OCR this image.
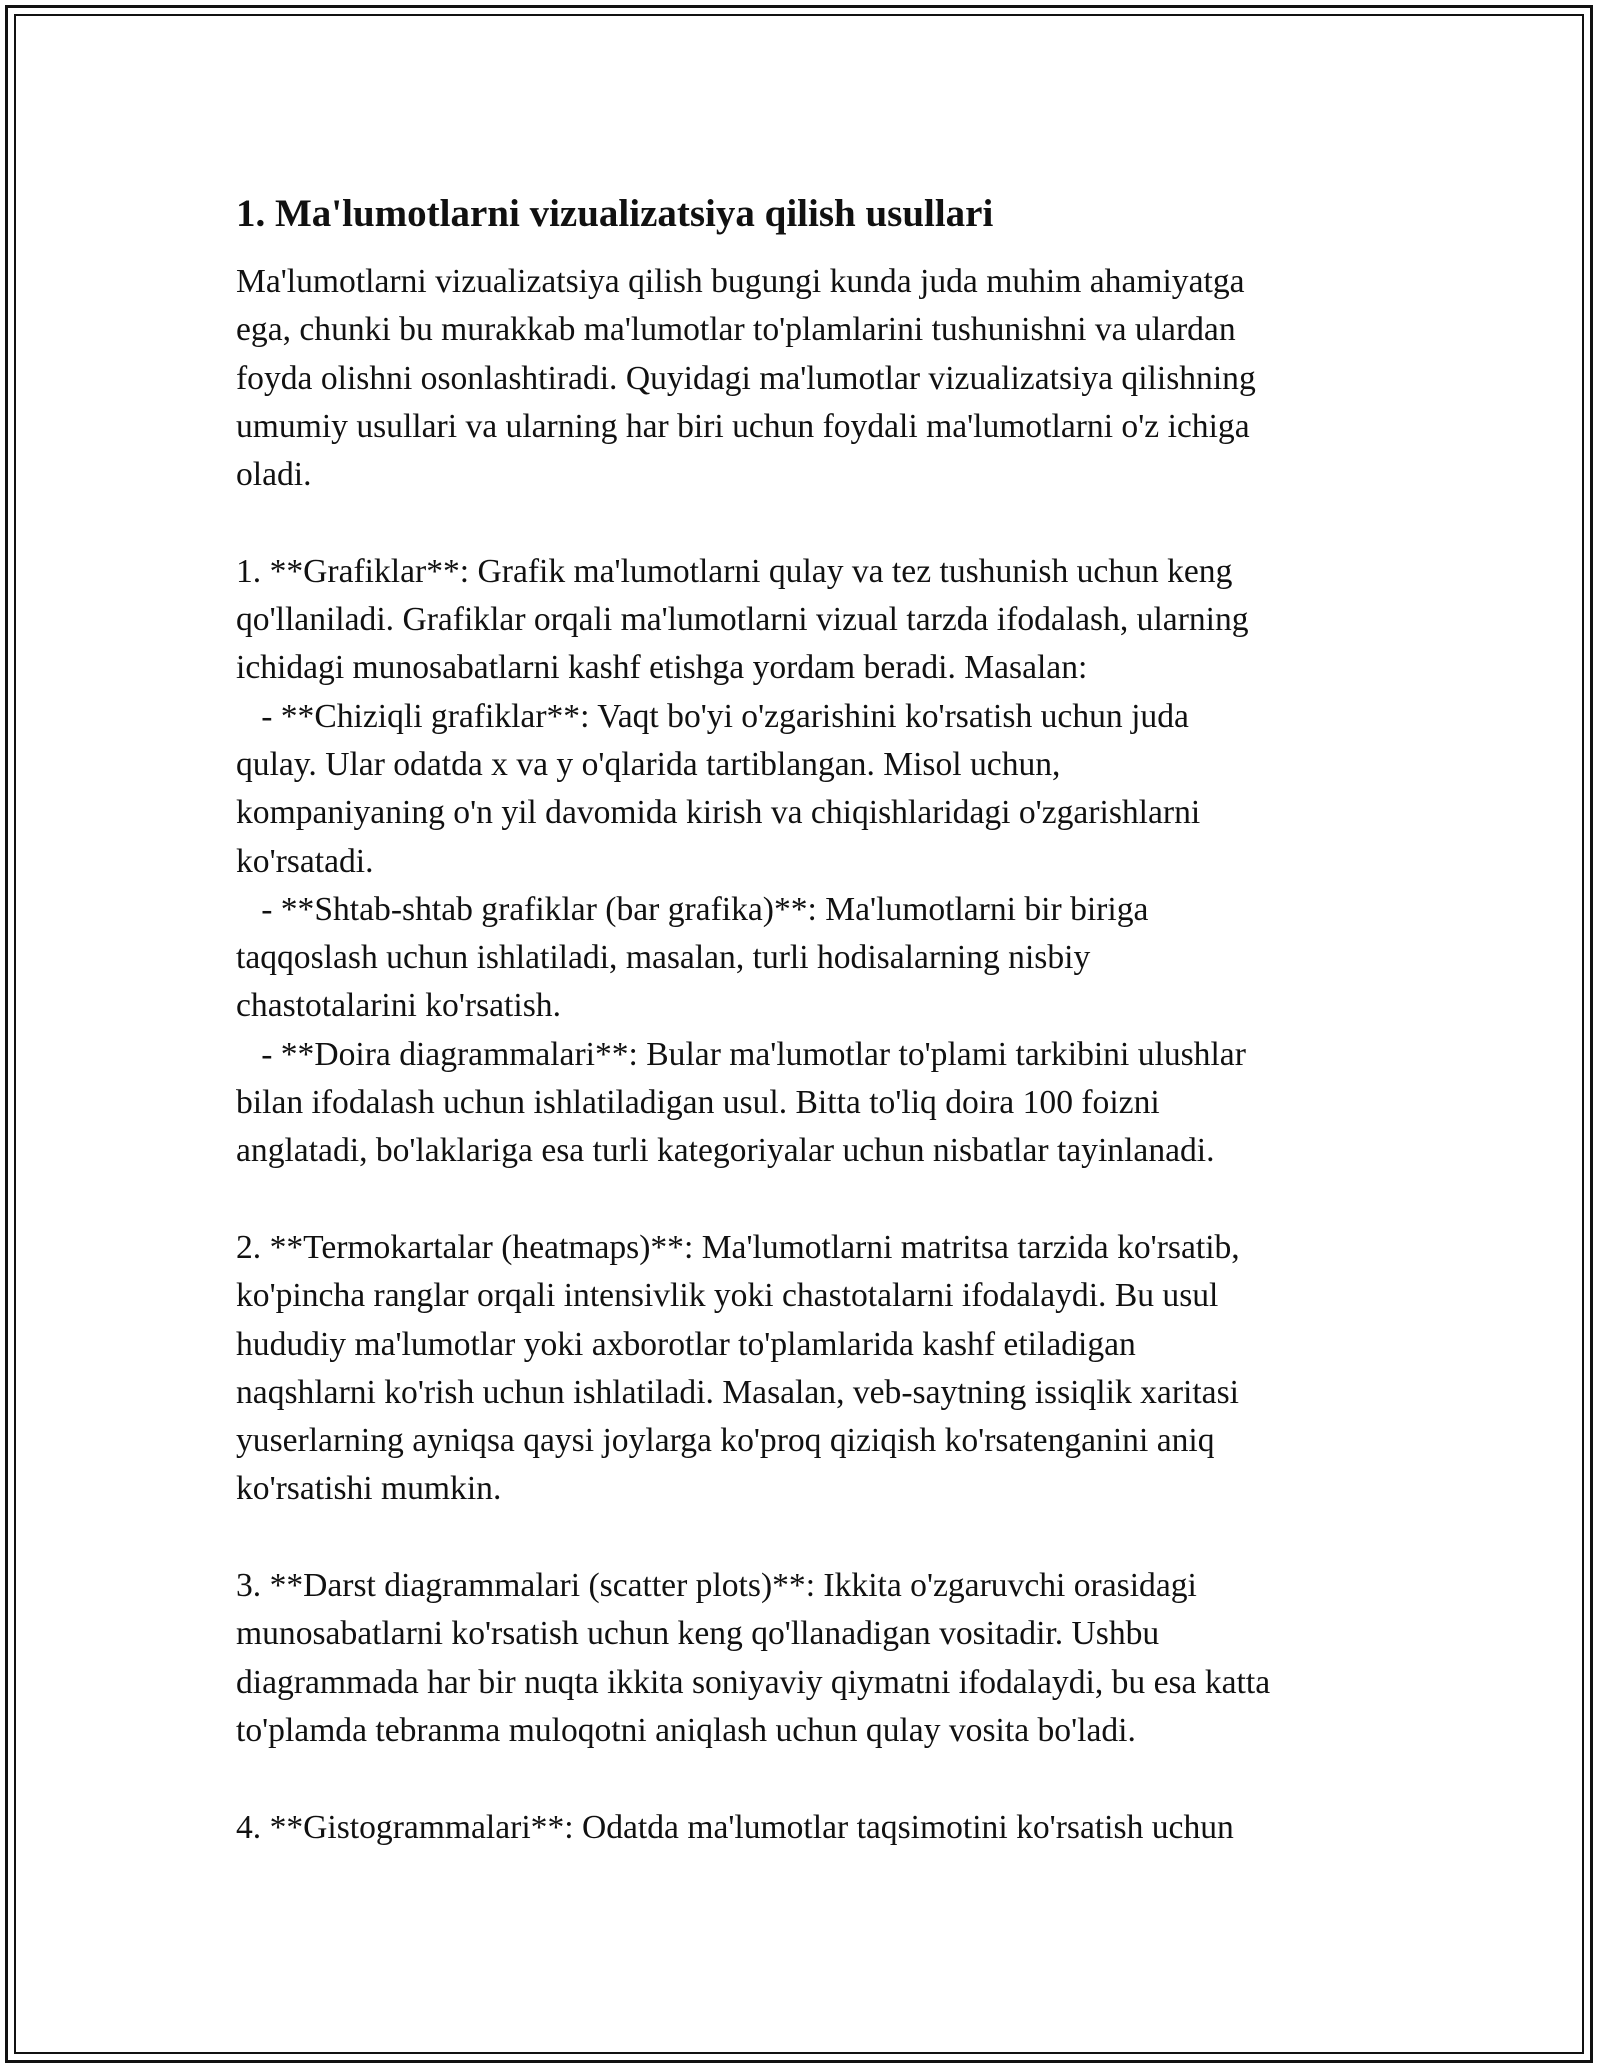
1. Ma'lumotlarni vizualizatsiya qilish usullari

Ma'lumotlarni vizualizatsiya qilish bugungi kunda juda muhim ahamiyatga
ega, chunki bu murakkab ma'lumotlar to'plamlarini tushunishni va ulardan
foyda olishni osonlashtiradi. Quyidagi ma'lumotlar vizualizatsiya qilishning
umumiy usullari va ularning har biri uchun foydali ma'lumotlarni o'z ichiga
oladi.

1. **Grafiklar**: Grafik ma'lumotlarni qulay va tez tushunish uchun keng
qo'llaniladi. Grafiklar orqali ma'lumotlarni vizual tarzda ifodalash, ularning
ichidagi munosabatlarni kashf etishga yordam beradi. Masalan:
- **Chiziqli grafiklar**: Vaqt bo'yi o'zgarishini ko'rsatish uchun juda
qulay. Ular odatda x va y o'qlarida tartiblangan. Misol uchun,
kompaniyaning o'n yil davomida kirish va chiqishlaridagi o'zgarishlarni
ko'rsatadi.
- **Shtab-shtab grafiklar (bar grafika)**: Ma'lumotlarni bir biriga
taqqoslash uchun ishlatiladi, masalan, turli hodisalarning nisbiy
chastotalarini ko'rsatish.
- **Doira diagrammalari**: Bular ma'lumotlar to'plami tarkibini ulushlar
bilan ifodalash uchun ishlatiladigan usul. Bitta to'liq doira 100 foizni
anglatadi, bo'laklariga esa turli kategoriyalar uchun nisbatlar tayinlanadi.

2. **Termokartalar (heatmaps)**: Ma'lumotlarni matritsa tarzida ko'rsatib,
ko'pincha ranglar orqali intensivlik yoki chastotalarni ifodalaydi. Bu usul
hududiy ma'lumotlar yoki axborotlar to'plamlarida kashf etiladigan
naqshlarni ko'rish uchun ishlatiladi. Masalan, veb-saytning issiqlik xaritasi
yuserlarning ayniqsa qaysi joylarga ko'proq qiziqish ko'rsatenganini aniq
ko'rsatishi mumkin.

3. **Darst diagrammalari (scatter plots)**: Ikkita o'zgaruvchi orasidagi
munosabatlarni ko'rsatish uchun keng qo'llanadigan vositadir. Ushbu
diagrammada har bir nuqta ikkita soniyaviy qiymatni ifodalaydi, bu esa katta
to'plamda tebranma muloqotni aniqlash uchun qulay vosita bo'ladi.

4. **Gistogrammalari**: Odatda ma'lumotlar taqsimotini ko'rsatish uchun
